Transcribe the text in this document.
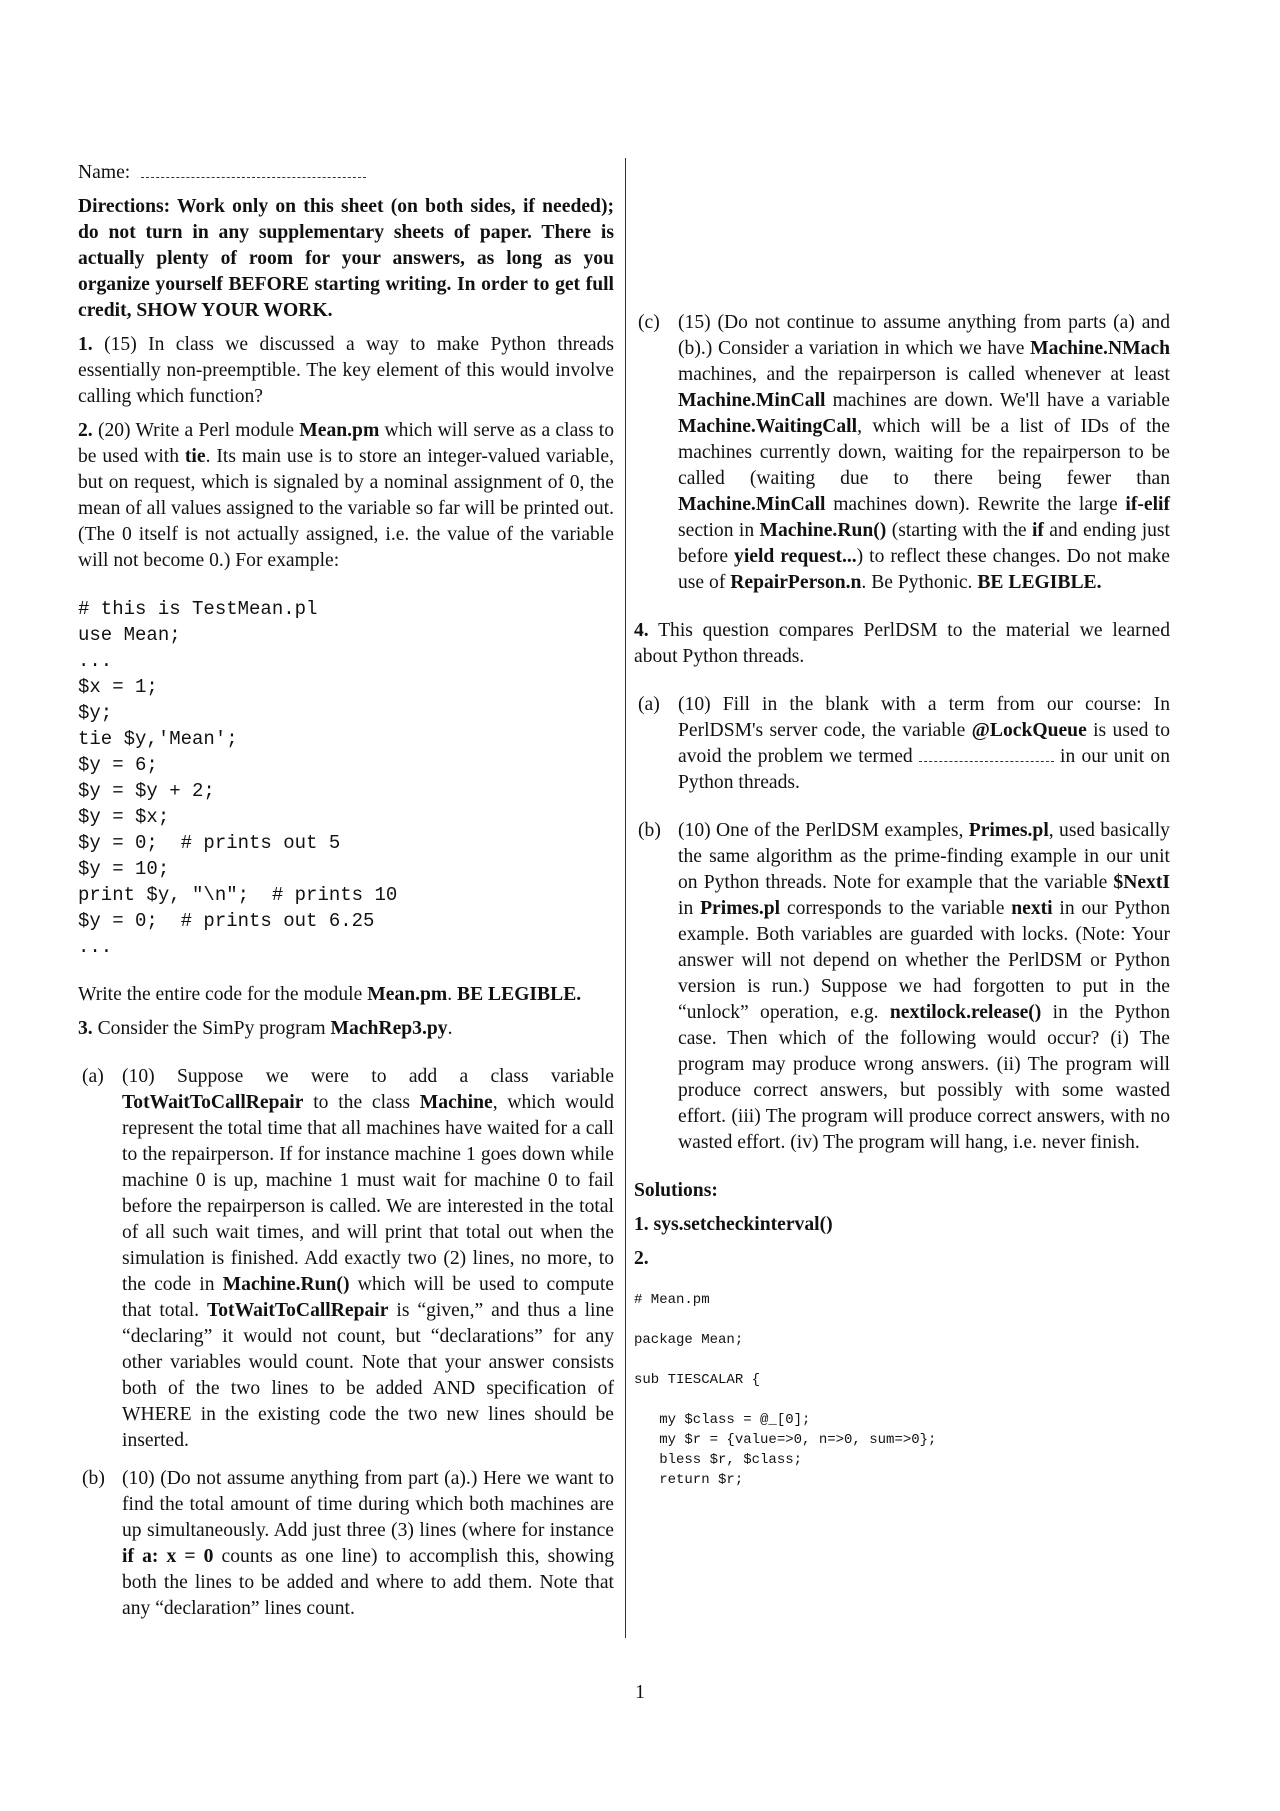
Name:

Directions: Work only on this sheet (on both sides, if needed); do not turn in any supplementary sheets of paper. There is actually plenty of room for your answers, as long as you organize yourself BEFORE starting writing. In order to get full credit, SHOW YOUR WORK.

1. (15) In class we discussed a way to make Python threads essentially non-preemptible. The key element of this would involve calling which function?

2. (20) Write a Perl module Mean.pm which will serve as a class to be used with tie. Its main use is to store an integer-valued variable, but on request, which is signaled by a nominal assignment of 0, the mean of all values assigned to the variable so far will be printed out. (The 0 itself is not actually assigned, i.e. the value of the variable will not become 0.) For example:

# this is TestMean.pl
use Mean;
...
$x = 1;
$y;
tie $y,'Mean';
$y = 6;
$y = $y + 2;
$y = $x;
$y = 0;  # prints out 5
$y = 10;
print $y, "\n";  # prints 10
$y = 0;  # prints out 6.25
...

Write the entire code for the module Mean.pm. BE LEGIBLE.

3. Consider the SimPy program MachRep3.py.

(a) (10) Suppose we were to add a class variable TotWaitToCallRepair to the class Machine, which would represent the total time that all machines have waited for a call to the repairperson. If for instance machine 1 goes down while machine 0 is up, machine 1 must wait for machine 0 to fail before the repairperson is called. We are interested in the total of all such wait times, and will print that total out when the simulation is finished. Add exactly two (2) lines, no more, to the code in Machine.Run() which will be used to compute that total. TotWaitToCallRepair is “given,” and thus a line “declaring” it would not count, but “declarations” for any other variables would count. Note that your answer consists both of the two lines to be added AND specification of WHERE in the existing code the two new lines should be inserted.

(b) (10) (Do not assume anything from part (a).) Here we want to find the total amount of time during which both machines are up simultaneously. Add just three (3) lines (where for instance if a: x = 0 counts as one line) to accomplish this, showing both the lines to be added and where to add them. Note that any “declaration” lines count.

(c) (15) (Do not continue to assume anything from parts (a) and (b).) Consider a variation in which we have Machine.NMach machines, and the repairperson is called whenever at least Machine.MinCall machines are down. We'll have a variable Machine.WaitingCall, which will be a list of IDs of the machines currently down, waiting for the repairperson to be called (waiting due to there being fewer than Machine.MinCall machines down). Rewrite the large if-elif section in Machine.Run() (starting with the if and ending just before yield request...) to reflect these changes. Do not make use of RepairPerson.n. Be Pythonic. BE LEGIBLE.

4. This question compares PerlDSM to the material we learned about Python threads.

(a) (10) Fill in the blank with a term from our course: In PerlDSM's server code, the variable @LockQueue is used to avoid the problem we termed	in our unit on Python threads.

(b) (10) One of the PerlDSM examples, Primes.pl, used basically the same algorithm as the prime-finding example in our unit on Python threads. Note for example that the variable $NextI in Primes.pl corresponds to the variable nexti in our Python example. Both variables are guarded with locks. (Note: Your answer will not depend on whether the PerlDSM or Python version is run.) Suppose we had forgotten to put in the “unlock” operation, e.g. nextilock.release() in the Python case. Then which of the following would occur? (i) The program may produce wrong answers. (ii) The program will produce correct answers, but possibly with some wasted effort. (iii) The program will produce correct answers, with no wasted effort. (iv) The program will hang, i.e. never finish.

Solutions:

1. sys.setcheckinterval()

2.

# Mean.pm
package Mean;
sub TIESCALAR {
my $class = @_[0];
my $r = {value=>0, n=>0, sum=>0};
bless $r, $class;
return $r;
1
